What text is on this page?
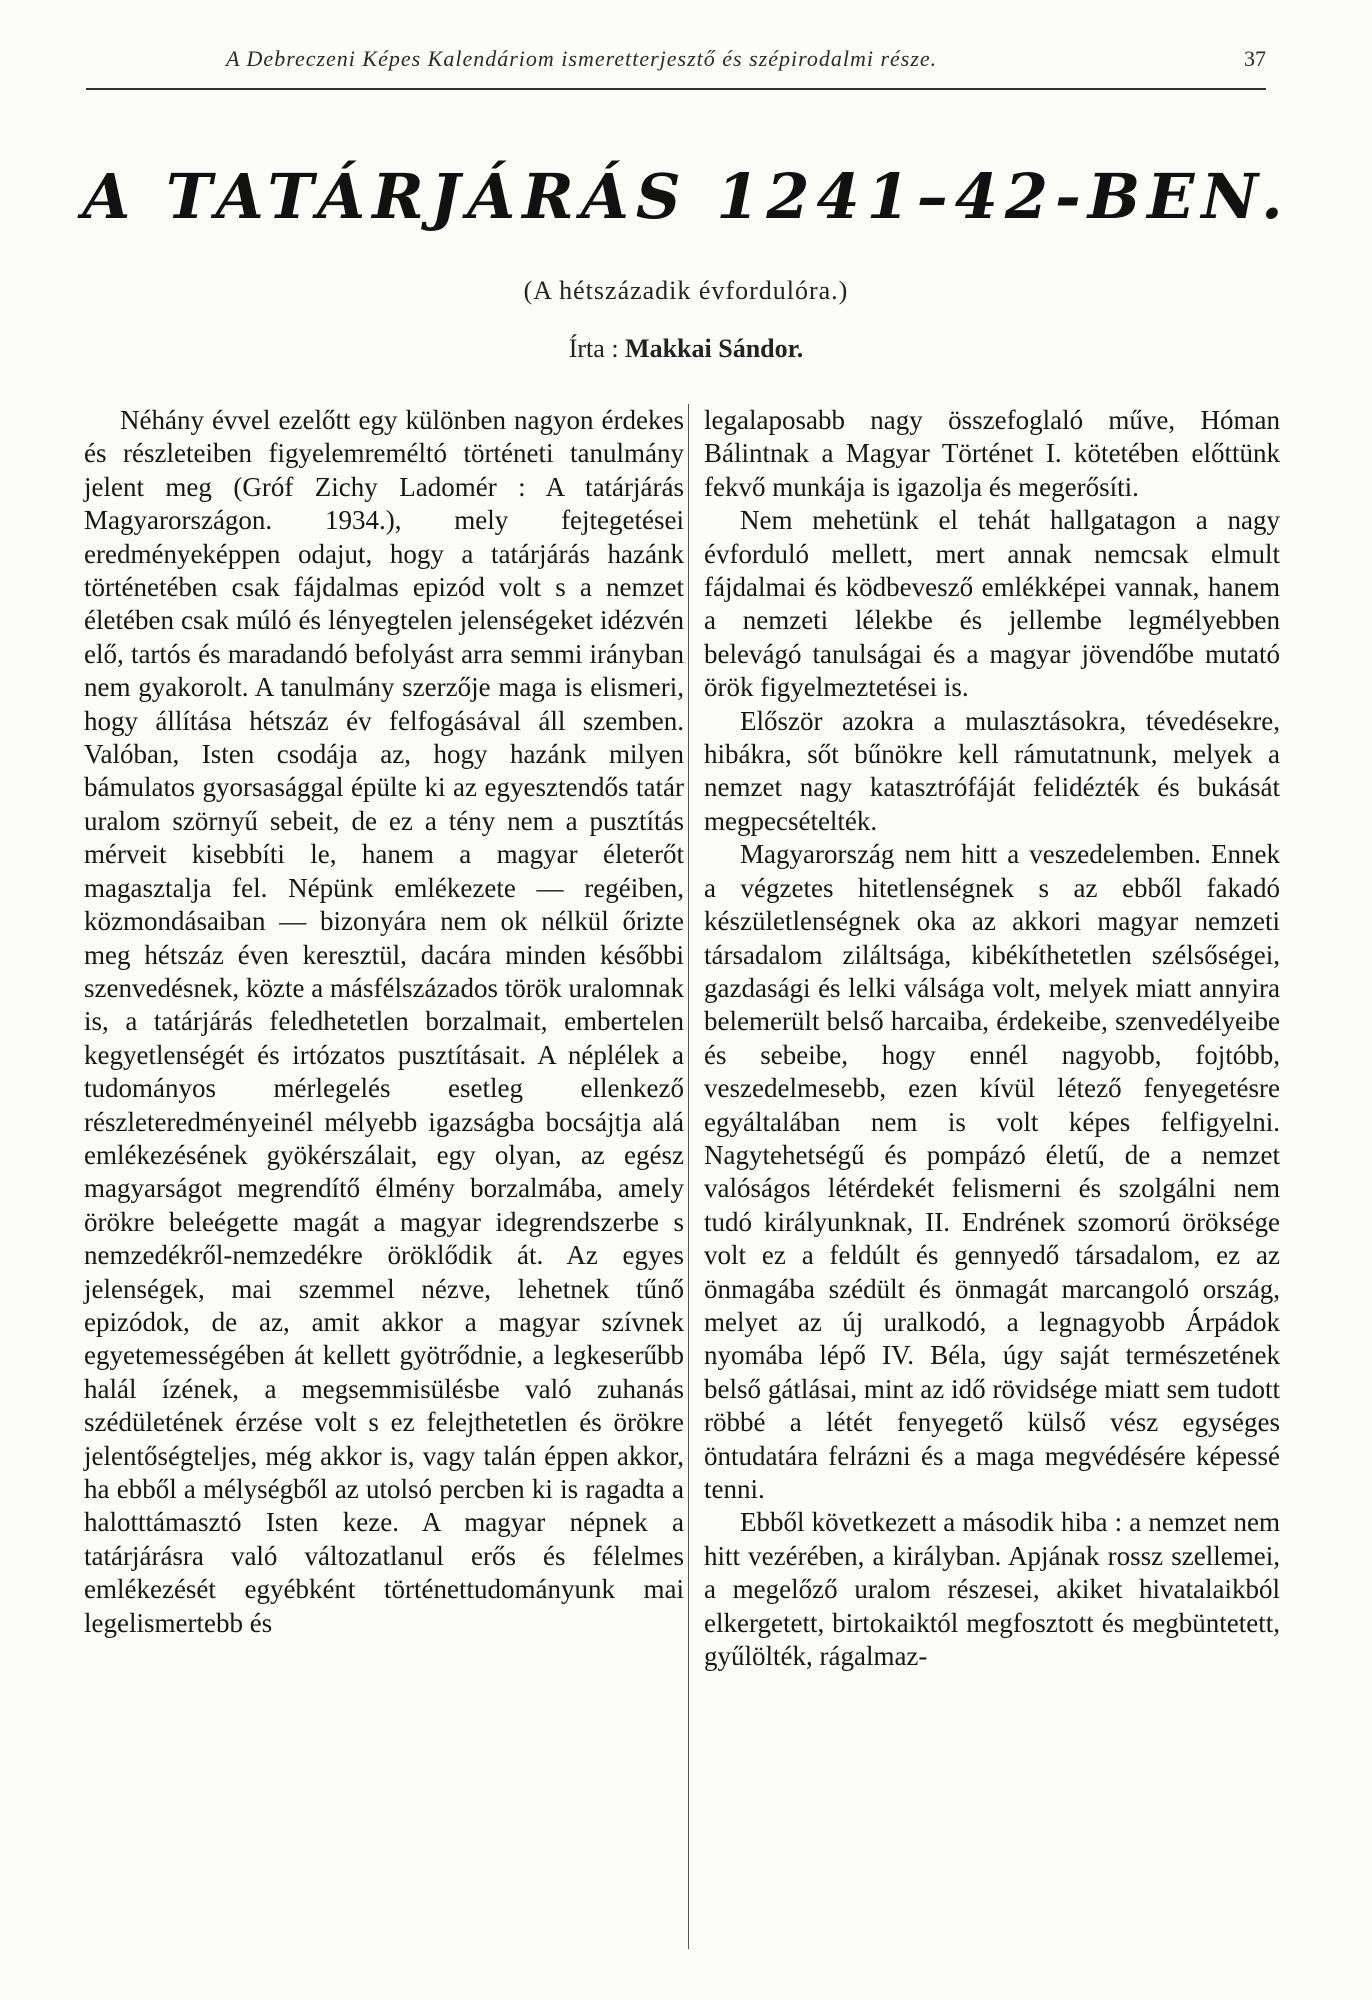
A Debreczeni Képes Kalendáriom ismeretterjesztő és szépirodalmi része.	37
A TATÁRJÁRÁS 1241–42-BEN.
(A hétszázadik évfordulóra.)
Írta : Makkai Sándor.

Néhány évvel ezelőtt egy különben nagyon érdekes és részleteiben figyelemreméltó történeti tanulmány jelent meg (Gróf Zichy Ladomér : A tatárjárás Magyarországon. 1934.), mely fejtegetései eredményeképpen odajut, hogy a tatárjárás hazánk történetében csak fájdalmas epizód volt s a nemzet életében csak múló és lényegtelen jelenségeket idézvén elő, tartós és maradandó befolyást arra semmi irányban nem gyakorolt. A tanulmány szerzője maga is elismeri, hogy állítása hétszáz év felfogásával áll szemben. Valóban, Isten csodája az, hogy hazánk milyen bámulatos gyorsasággal épülte ki az egyesztendős tatár uralom szörnyű sebeit, de ez a tény nem a pusztítás mérveit kisebbíti le, hanem a magyar életerőt magasztalja fel. Népünk emlékezete — regéiben, közmondásaiban — bizonyára nem ok nélkül őrizte meg hétszáz éven keresztül, dacára minden későbbi szenvedésnek, közte a másfélszázados török uralomnak is, a tatárjárás feledhetetlen borzalmait, embertelen kegyetlenségét és irtózatos pusztításait. A néplélek a tudományos mérlegelés esetleg ellenkező részleteredményeinél mélyebb igazságba bocsájtja alá emlékezésének gyökérszálait, egy olyan, az egész magyarságot megrendítő élmény borzalmába, amely örökre beleégette magát a magyar idegrendszerbe s nemzedékről-nemzedékre öröklődik át. Az egyes jelenségek, mai szemmel nézve, lehetnek tűnő epizódok, de az, amit akkor a magyar szívnek egyetemességében át kellett gyötrődnie, a legkeserűbb halál ízének, a megsemmisülésbe való zuhanás szédületének érzése volt s ez felejthetetlen és örökre jelentőségteljes, még akkor is, vagy talán éppen akkor, ha ebből a mélységből az utolsó percben ki is ragadta a halotttámasztó Isten keze. A magyar népnek a tatárjárásra való változatlanul erős és félelmes emlékezését egyébként történettudományunk mai legelismertebb és

legalaposabb nagy összefoglaló műve, Hóman Bálintnak a Magyar Történet I. kötetében előttünk fekvő munkája is igazolja és megerősíti.

Nem mehetünk el tehát hallgatagon a nagy évforduló mellett, mert annak nemcsak elmult fájdalmai és ködbevesző emlékképei vannak, hanem a nemzeti lélekbe és jellembe legmélyebben belevágó tanulságai és a magyar jövendőbe mutató örök figyelmeztetései is.

Először azokra a mulasztásokra, tévedésekre, hibákra, sőt bűnökre kell rámutatnunk, melyek a nemzet nagy katasztrófáját felidézték és bukását megpecsételték.

Magyarország nem hitt a veszedelemben. Ennek a végzetes hitetlenségnek s az ebből fakadó készületlenségnek oka az akkori magyar nemzeti társadalom ziláltsága, kibékíthetetlen szélsőségei, gazdasági és lelki válsága volt, melyek miatt annyira belemerült belső harcaiba, érdekeibe, szenvedélyeibe és sebeibe, hogy ennél nagyobb, fojtóbb, veszedelmesebb, ezen kívül létező fenyegetésre egyáltalában nem is volt képes felfigyelni. Nagytehetségű és pompázó életű, de a nemzet valóságos létérdekét felismerni és szolgálni nem tudó királyunknak, II. Endrének szomorú öröksége volt ez a feldúlt és gennyedő társadalom, ez az önmagába szédült és önmagát marcangoló ország, melyet az új uralkodó, a legnagyobb Árpádok nyomába lépő IV. Béla, úgy saját természetének belső gátlásai, mint az idő rövidsége miatt sem tudott röbbé a létét fenyegető külső vész egységes öntudatára felrázni és a maga megvédésére képessé tenni.

Ebből következett a második hiba : a nemzet nem hitt vezérében, a királyban. Apjának rossz szellemei, a megelőző uralom részesei, akiket hivatalaikból elkergetett, birtokaiktól megfosztott és megbüntetett, gyűlölték, rágalmaz-
